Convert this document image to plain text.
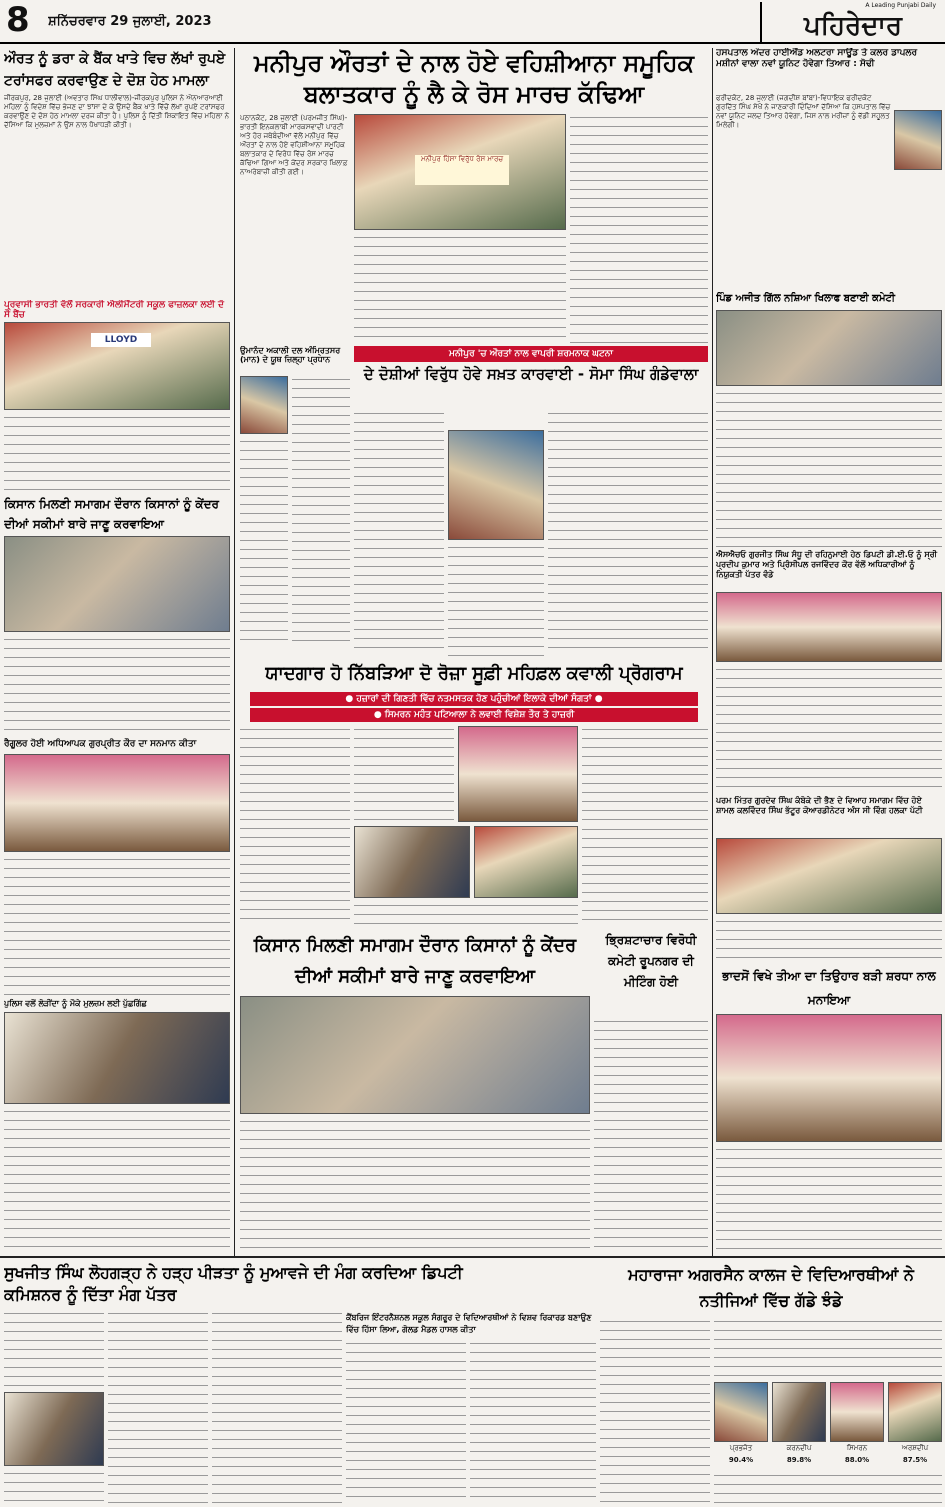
8	ਸ਼ਨਿੱਚਰਵਾਰ 29 ਜੁਲਾਈ, 2023
A Leading Punjabi Daily
ਪਹਿਰੇਦਾਰ
ਔਰਤ ਨੂੰ ਡਰਾ ਕੇ ਬੈਂਕ ਖਾਤੇ ਵਿਚ ਲੱਖਾਂ ਰੁਪਏ ਟਰਾਂਸਫਰ ਕਰਵਾਉਣ ਦੇ ਦੋਸ਼ ਹੇਠ ਮਾਮਲਾ
ਜੀਰਕਪੁਰ, 28 ਜੁਲਾਈ (ਅਵਤਾਰ ਸਿੰਘ ਧਾਲੀਵਾਲ)-ਜੀਰਕਪੁਰ ਪੁਲਿਸ ਨੇ ਐਨਆਰਆਈ ਮਹਿਲਾ ਨੂੰ ਵਿਦੇਸ਼ ਵਿੱਚ ਭੇਜਣ ਦਾ ਝਾਂਸਾ ਦੇ ਕੇ ਉਸਦੇ ਬੈਂਕ ਖਾਤੇ ਵਿੱਚੋਂ ਲੱਖਾਂ ਰੁਪਏ ਟਰਾਂਸਫਰ ਕਰਵਾਉਣ ਦੇ ਦੋਸ਼ ਹੇਠ ਮਾਮਲਾ ਦਰਜ ਕੀਤਾ ਹੈ। ਪੁਲਿਸ ਨੂੰ ਦਿੱਤੀ ਸ਼ਿਕਾਇਤ ਵਿੱਚ ਮਹਿਲਾ ਨੇ ਦੱਸਿਆ ਕਿ ਮੁਲਜ਼ਮਾਂ ਨੇ ਉਸ ਨਾਲ ਧੋਖਾਧੜੀ ਕੀਤੀ।
ਪ੍ਰਵਾਸੀ ਭਾਰਤੀ ਵੱਲੋਂ ਸਰਕਾਰੀ ਐਲੀਮੈਂਟਰੀ ਸਕੂਲ ਫਾਜ਼ਲਕਾ ਲਈ ਦੋ ਸੌ ਬੈਂਚ
LLOYD
ਕਿਸਾਨ ਮਿਲਣੀ ਸਮਾਗਮ ਦੌਰਾਨ ਕਿਸਾਨਾਂ ਨੂੰ ਕੇਂਦਰ ਦੀਆਂ ਸਕੀਮਾਂ ਬਾਰੇ ਜਾਣੂ ਕਰਵਾਇਆ
ਰੈਗੂਲਰ ਹੋਈ ਅਧਿਆਪਕ ਗੁਰਪ੍ਰੀਤ ਕੌਰ ਦਾ ਸਨਮਾਨ ਕੀਤਾ
ਪੁਲਿਸ ਵਲੋਂ ਲੋੜੀਂਦਾ ਨੂੰ ਮੌਕੇ ਮੁਲਜ਼ਮ ਲਈ ਪੁੱਛਗਿੱਛ
ਮਨੀਪੁਰ ਔਰਤਾਂ ਦੇ ਨਾਲ ਹੋਏ ਵਹਿਸ਼ੀਆਨਾ ਸਮੂਹਿਕ ਬਲਾਤਕਾਰ ਨੂੰ ਲੈ ਕੇ ਰੋਸ ਮਾਰਚ ਕੱਢਿਆ
ਪਠਾਨਕੋਟ, 28 ਜੁਲਾਈ (ਪਰਮਜੀਤ ਸਿੰਘ)-ਭਾਰਤੀ ਇਨਕਲਾਬੀ ਮਾਰਕਸਵਾਦੀ ਪਾਰਟੀ ਅਤੇ ਹੋਰ ਜਥੇਬੰਦੀਆਂ ਵੱਲੋਂ ਮਨੀਪੁਰ ਵਿੱਚ ਔਰਤਾਂ ਦੇ ਨਾਲ ਹੋਏ ਵਹਿਸ਼ੀਆਨਾ ਸਮੂਹਿਕ ਬਲਾਤਕਾਰ ਦੇ ਵਿਰੋਧ ਵਿੱਚ ਰੋਸ ਮਾਰਚ ਕੱਢਿਆ ਗਿਆ ਅਤੇ ਕੇਂਦਰ ਸਰਕਾਰ ਖ਼ਿਲਾਫ਼ ਨਾਅਰੇਬਾਜ਼ੀ ਕੀਤੀ ਗਈ।
ਮਨੀਪੁਰ ਹਿੰਸਾ ਵਿਰੁੱਧ ਰੋਸ ਮਾਰਚ
ਉਮਾਨੰਦ ਅਕਾਲੀ ਦਲ ਅੰਮ੍ਰਿਤਸਰ (ਮਾਨ) ਦੇ ਯੂਥ ਜ਼ਿਲ੍ਹਾ ਪ੍ਰਧਾਨ
ਮਨੀਪੁਰ 'ਚ ਔਰਤਾਂ ਨਾਲ ਵਾਪਰੀ ਸ਼ਰਮਨਾਕ ਘਟਨਾ
ਦੇ ਦੋਸ਼ੀਆਂ ਵਿਰੁੱਧ ਹੋਵੇ ਸਖ਼ਤ ਕਾਰਵਾਈ - ਸੋਮਾ ਸਿੰਘ ਗੰਡੇਵਾਲਾ
ਯਾਦਗਾਰ ਹੋ ਨਿੱਬੜਿਆ ਦੋ ਰੋਜ਼ਾ ਸੂਫ਼ੀ ਮਹਿਫ਼ਲ ਕਵਾਲੀ ਪ੍ਰੋਗਰਾਮ
● ਹਜ਼ਾਰਾਂ ਦੀ ਗਿਣਤੀ ਵਿੱਚ ਨਤਮਸਤਕ ਹੋਣ ਪਹੁੰਚੀਆਂ ਇਲਾਕੇ ਦੀਆਂ ਸੰਗਤਾਂ ●
● ਸਿਮਰਨ ਮਹੰਤ ਪਟਿਆਲਾ ਨੇ ਲਵਾਈ ਵਿਸ਼ੇਸ਼ ਤੌਰ ਤੇ ਹਾਜ਼ਰੀ
ਕਿਸਾਨ ਮਿਲਣੀ ਸਮਾਗਮ ਦੌਰਾਨ ਕਿਸਾਨਾਂ ਨੂੰ ਕੇਂਦਰ ਦੀਆਂ ਸਕੀਮਾਂ ਬਾਰੇ ਜਾਣੂ ਕਰਵਾਇਆ
ਭ੍ਰਿਸ਼ਟਾਚਾਰ ਵਿਰੋਧੀ ਕਮੇਟੀ ਰੂਪਨਗਰ ਦੀ ਮੀਟਿੰਗ ਹੋਈ
ਹਸਪਤਾਲ ਅੰਦਰ ਹਾਈਐਂਡ ਅਲਟਰਾ ਸਾਊਂਡ ਤੇ ਕਲਰ ਡਾਪਲਰ ਮਸ਼ੀਨਾਂ ਵਾਲਾ ਨਵਾਂ ਯੂਨਿਟ ਹੋਵੇਗਾ ਤਿਆਰ : ਸੋਢੀ
ਫਰੀਦਕੋਟ, 28 ਜੁਲਾਈ (ਜਗਦੀਸ਼ ਬਾਂਬਾ)-ਵਿਧਾਇਕ ਫਰੀਦਕੋਟ ਗੁਰਦਿੱਤ ਸਿੰਘ ਸੇਖੋਂ ਨੇ ਜਾਣਕਾਰੀ ਦਿੰਦਿਆਂ ਦੱਸਿਆ ਕਿ ਹਸਪਤਾਲ ਵਿੱਚ ਨਵਾਂ ਯੂਨਿਟ ਜਲਦ ਤਿਆਰ ਹੋਵੇਗਾ, ਜਿਸ ਨਾਲ ਮਰੀਜ਼ਾਂ ਨੂੰ ਵੱਡੀ ਸਹੂਲਤ ਮਿਲੇਗੀ।
ਪਿੰਡ ਅਜੀਤ ਗਿੱਲ ਨਸ਼ਿਆ ਖਿਲਾਫ ਬਣਾਈ ਕਮੇਟੀ
ਐਸਐਚਓ ਗੁਰਜੀਤ ਸਿੰਘ ਸੰਧੂ ਦੀ ਰਹਿਨੁਮਾਈ ਹੇਠ ਡਿਪਟੀ ਡੀ.ਈ.ਓ ਨੂੰ ਸ੍ਰੀ ਪ੍ਰਦੀਪ ਕੁਮਾਰ ਅਤੇ ਪ੍ਰਿੰਸੀਪਲ ਰਜਵਿੰਦਰ ਕੌਰ ਵੱਲੋਂ ਅਧਿਕਾਰੀਆਂ ਨੂੰ ਨਿਯੁਕਤੀ ਪੱਤਰ ਵੰਡੇ
ਪਰਮ ਮਿੱਤਰ ਗੁਰਦੇਵ ਸਿੰਘ ਕੰਬੋਕੇ ਦੀ ਭੈਣ ਦੇ ਵਿਆਹ ਸਮਾਗਮ ਵਿੱਚ ਹੋਏ ਸ਼ਾਮਲ ਕਲਵਿੰਦਰ ਸਿੰਘ ਭੱਟੂਰ ਕੋਆਰਡੀਨੇਟਰ ਅੰਸ ਸੀ ਵਿੰਗ ਹਲਕਾ ਪੱਟੀ
ਭਾਦਸੋਂ ਵਿਖੇ ਤੀਆ ਦਾ ਤਿਉਹਾਰ ਬੜੀ ਸ਼ਰਧਾ ਨਾਲ ਮਨਾਇਆ
ਸੁਖਜੀਤ ਸਿੰਘ ਲੋਹਗੜ੍ਹ ਨੇ ਹੜ੍ਹ ਪੀੜਤਾ ਨੂੰ ਮੁਆਵਜੇ ਦੀ ਮੰਗ ਕਰਦਿਆ ਡਿਪਟੀ ਕਮਿਸ਼ਨਰ ਨੂੰ ਦਿੱਤਾ ਮੰਗ ਪੱਤਰ
ਕੈਂਬਰਿਜ ਇੰਟਰਨੈਸ਼ਨਲ ਸਕੂਲ ਸੰਗਰੂਰ ਦੇ ਵਿਦਿਆਰਥੀਆਂ ਨੇ ਵਿਸ਼ਵ ਰਿਕਾਰਡ ਬਣਾਉਣ ਵਿੱਚ ਹਿੱਸਾ ਲਿਆ, ਗੋਲਡ ਮੈਡਲ ਹਾਸਲ ਕੀਤਾ
ਮਹਾਰਾਜਾ ਅਗਰਸੈਨ ਕਾਲਜ ਦੇ ਵਿਦਿਆਰਥੀਆਂ ਨੇ ਨਤੀਜਿਆਂ ਵਿੱਚ ਗੱਡੇ ਝੰਡੇ
ਪ੍ਰਭਜੋਤ
90.4%
ਕਰਨਦੀਪ
89.8%
ਸਿਮਰਨ
88.0%
ਅਰਸ਼ਦੀਪ
87.5%
